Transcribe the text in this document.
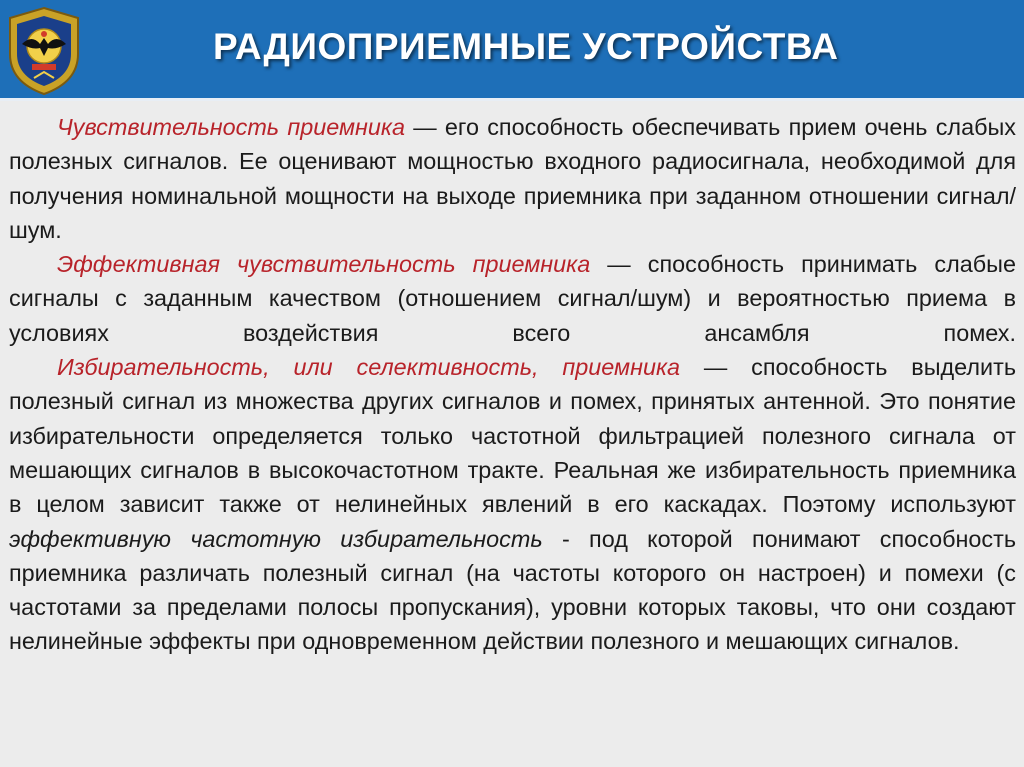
РАДИОПРИЕМНЫЕ УСТРОЙСТВА

Чувствительность приемника — его способность обеспечивать прием очень слабых полезных сигналов. Ее оценивают мощностью входного радиосигнала, необходимой для получения номинальной мощности на выходе приемника при заданном отношении сигнал/шум.

Эффективная чувствительность приемника — способность принимать слабые сигналы с заданным качеством (отношением сигнал/шум) и вероятностью приема в условиях воздействия всего ансамбля помех.

Избирательность, или селективность, приемника — способность выделить полезный сигнал из множества других сигналов и помех, принятых антенной. Это понятие избирательности определяется только частотной фильтрацией полезного сигнала от мешающих сигналов в высокочастотном тракте. Реальная же избирательность приемника в целом зависит также от нелинейных явлений в его каскадах. Поэтому используют эффективную частотную избирательность - под которой понимают способность приемника различать полезный сигнал (на частоты которого он настроен) и помехи (с частотами за пределами полосы пропускания), уровни которых таковы, что они создают нелинейные эффекты при одновременном действии полезного и мешающих сигналов.
